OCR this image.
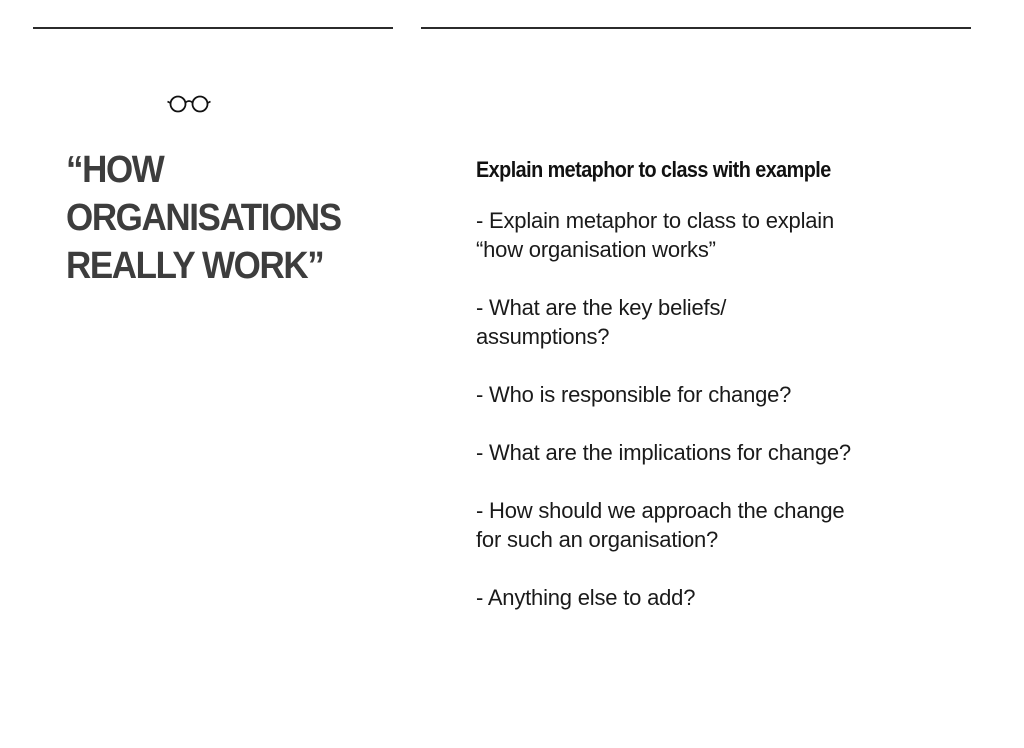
“HOW
ORGANISATIONS
REALLY WORK”
Explain metaphor to class with example
- Explain metaphor to class to explain
“how organisation works”
- What are the key beliefs/
assumptions?
- Who is responsible for change?
- What are the implications for change?
- How should we approach the change
for such an organisation?
- Anything else to add?
